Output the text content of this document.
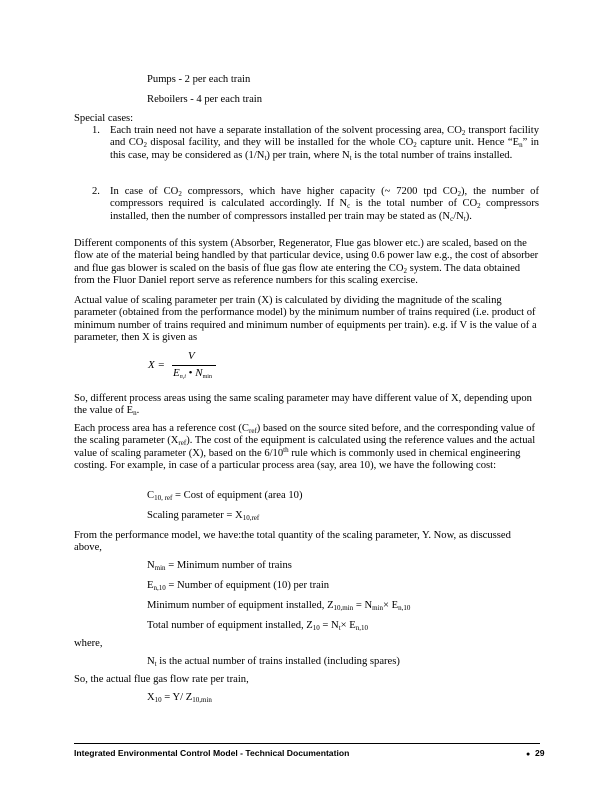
Pumps - 2 per each train
Reboilers - 4 per each train
Special cases:
1. Each train need not have a separate installation of the solvent processing area, $CO_2$ transport facility and $CO_2$ disposal facility, and they will be installed for the whole $CO_2$ capture unit. Hence “$E_n$” in this case, may be considered as $(1/N_t)$ per train, where $N_t$ is the total number of trains installed.
2. In case of $CO_2$ compressors, which have higher capacity (~ 7200 tpd $CO_2$), the number of compressors required is calculated accordingly. If $N_c$ is the total number of $CO_2$ compressors installed, then the number of compressors installed per train may be stated as $(N_c/N_t)$.
Different components of this system (Absorber, Regenerator, Flue gas blower etc.) are scaled, based on the flow ate of the material being handled by that particular device, using 0.6 power law e.g., the cost of absorber and flue gas blower is scaled on the basis of flue gas flow ate entering the $CO_2$ system. The data obtained from the Fluor Daniel report serve as reference numbers for this scaling exercise.
Actual value of scaling parameter per train (X) is calculated by dividing the magnitude of the scaling parameter (obtained from the performance model) by the minimum number of trains required (i.e. product of minimum number of trains required and minimum number of equipments per train). e.g. if V is the value of a parameter, then X is given as
X =
V
$E_{n,i}$ • $N_{min}$
So, different process areas using the same scaling parameter may have different value of X, depending upon the value of $E_n$.
Each process area has a reference cost $(C_{ref})$ based on the source sited before, and the corresponding value of the scaling parameter $(X_{ref})$. The cost of the equipment is calculated using the reference values and the actual value of scaling parameter (X), based on the 6/10th rule which is commonly used in chemical engineering costing. For example, in case of a particular process area (say, area 10), we have the following cost:
$C_{10, ref}$ = Cost of equipment (area 10)
Scaling parameter = $X_{10,ref}$
From the performance model, we have:the total quantity of the scaling parameter, Y. Now, as discussed above,
$N_{min}$ = Minimum number of trains
$E_{n,10}$ = Number of equipment (10) per train
Minimum number of equipment installed, $Z_{10,min} = N_{min}\times E_{n,10}$
Total number of equipment installed, $Z_{10} = N_t\times E_{n,10}$
where,
$N_t$ is the actual number of trains installed (including spares)
So, the actual flue gas flow rate per train,
$X_{10} = Y/$ $Z_{10,min}$
Integrated Environmental Control Model - Technical Documentation	● 29
